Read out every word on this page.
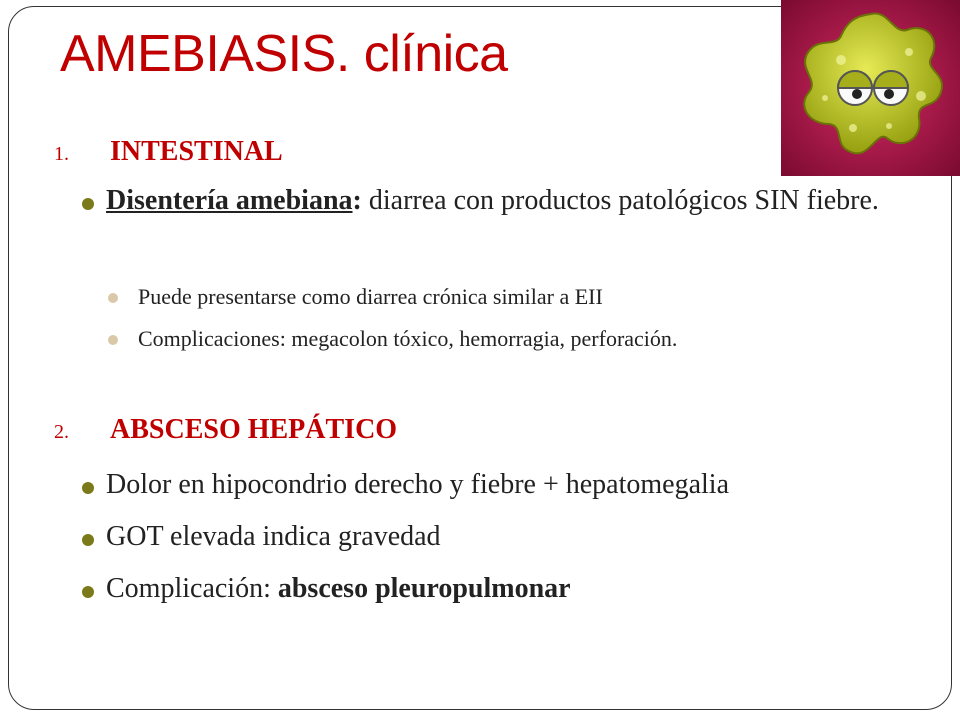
AMEBIASIS. clínica
1.	INTESTINAL
Disentería amebiana: diarrea con productos patológicos SIN fiebre.
Puede presentarse como diarrea crónica similar a EII
Complicaciones: megacolon tóxico, hemorragia, perforación.
2.	ABSCESO HEPÁTICO
Dolor en hipocondrio derecho y fiebre + hepatomegalia
GOT elevada indica gravedad
Complicación: absceso pleuropulmonar
